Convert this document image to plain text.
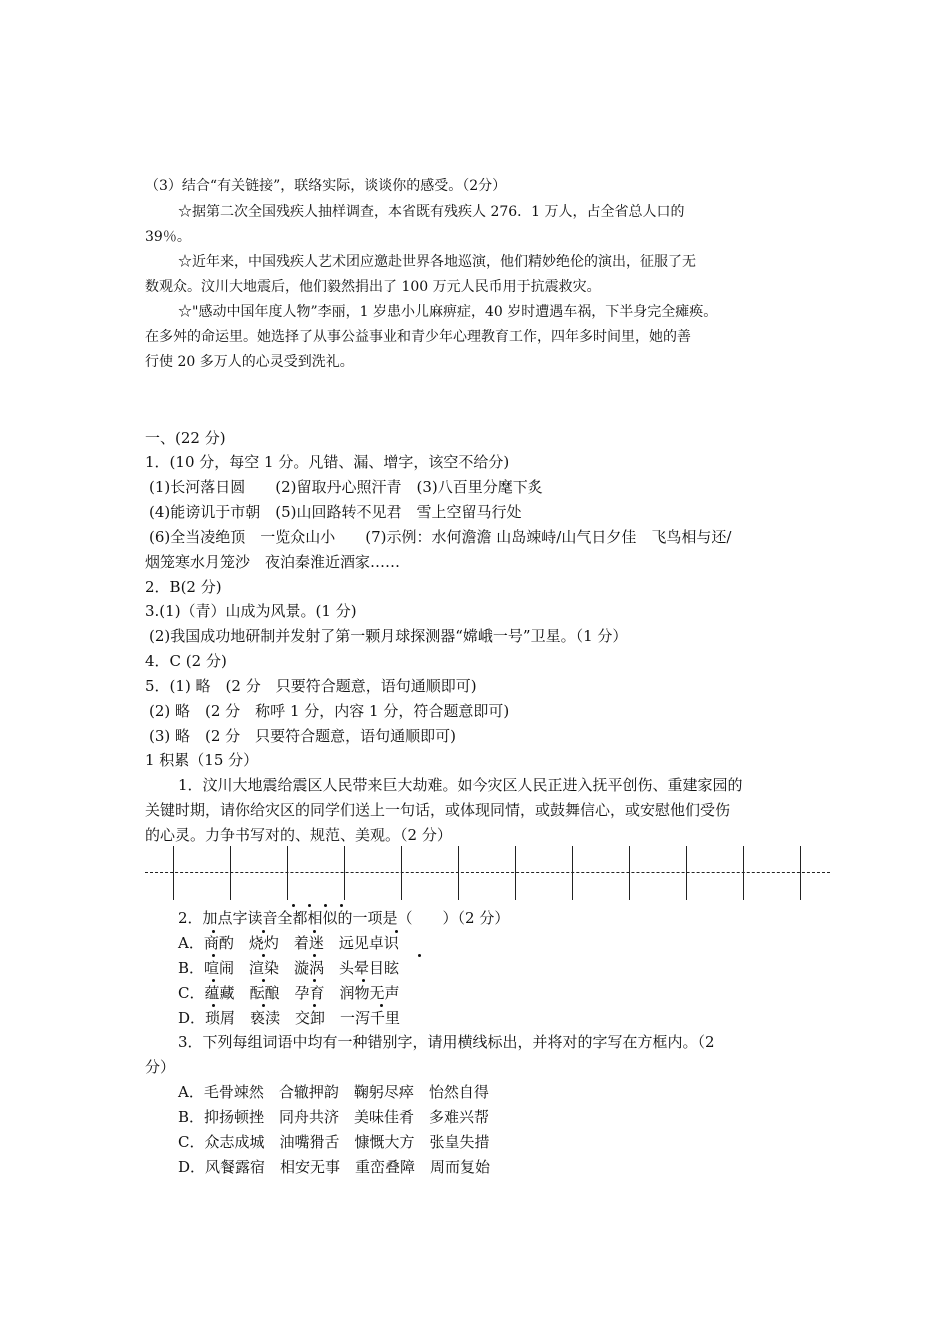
（3）结合“有关链接”，联络实际，谈谈你的感受。（2分）
☆据第二次全国残疾人抽样调查，本省既有残疾人 276．1 万人，占全省总人口的
39％。
☆近年来，中国残疾人艺术团应邀赴世界各地巡演，他们精妙绝伦的演出，征服了无
数观众。汶川大地震后，他们毅然捐出了 100 万元人民币用于抗震救灾。
☆"感动中国年度人物”李丽，1 岁患小儿麻痹症，40 岁时遭遇车祸，下半身完全瘫痪。
在多舛的命运里。她选择了从事公益事业和青少年心理教育工作，四年多时间里，她的善
行使 20 多万人的心灵受到洗礼。
一、(22 分)
1．(10 分，每空 1 分。凡错、漏、增字，该空不给分)
(1)长河落日圆　　(2)留取丹心照汗青　(3)八百里分麾下炙
(4)能谤讥于市朝　(5)山回路转不见君　雪上空留马行处
(6)全当凌绝顶　一览众山小　　(7)示例：水何澹澹 山岛竦峙/山气日夕佳　飞鸟相与还/
烟笼寒水月笼沙　夜泊秦淮近酒家……
2．B(2 分)
3.(1)（青）山成为风景。(1 分)
(2)我国成功地研制并发射了第一颗月球探测器“嫦峨一号”卫星。（1 分）
4．C (2 分)
5．(1) 略　(2 分　只要符合题意，语句通顺即可)
(2) 略　(2 分　称呼 1 分，内容 1 分，符合题意即可)
(3) 略　(2 分　只要符合题意，语句通顺即可)
1 积累（15 分）
1．汶川大地震给震区人民带来巨大劫难。如今灾区人民正进入抚平创伤、重建家园的
关键时期，请你给灾区的同学们送上一句话，或体现同情，或鼓舞信心，或安慰他们受伤
的心灵。力争书写对的、规范、美观。（2 分）
2．加点字读音全都相似的一项是（　　）（2 分）
A．商酌　烧灼　着迷　远见卓识
B．喧闹　渲染　漩涡　头晕目眩
C．蕴藏　酝酿　孕育　润物无声
D．琐屑　亵渎　交卸　一泻千里
3．下列每组词语中均有一种错别字，请用横线标出，并将对的字写在方框内。（2
分）
A．毛骨竦然　合辙押韵　鞠躬尽瘁　怡然自得
B．抑扬顿挫　同舟共济　美味佳肴　多难兴帮
C．众志成城　油嘴猾舌　慷慨大方　张皇失措
D．风餐露宿　相安无事　重峦叠障　周而复始
